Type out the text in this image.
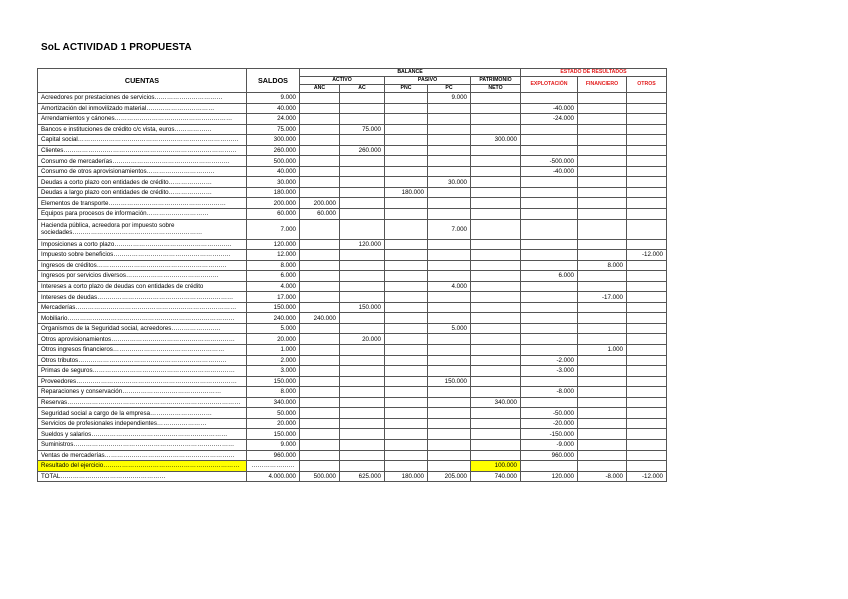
SoL ACTIVIDAD 1 PROPUESTA
CUENTAS	SALDOS	BALANCE					ESTADO DE RESULTADOS		
		ACTIVO		PASIVO		PATRIMONIO	EXPLOTACIÓN	FINANCIERO	OTROS
		ANC	AC	PNC	PC	NETO			
Acreedores por prestaciones de servicios……………………………	9.000				9.000				
Amortización del inmovilizado material……………………………	40.000						-40.000		
Arrendamientos y cánones…………………………………………………	24.000						-24.000		
Bancos e instituciones de crédito c/c vista, euros………………	75.000		75.000						
Capital social……………………………………………………………………	300.000					300.000			
Clientes…………………………………………………………………………	260.000		260.000						
Consumo de mercaderías…………………………………………………	500.000						-500.000		
Consumo de otros aprovisionamientos……………………………	40.000						-40.000		
Deudas a corto plazo con entidades de crédito…………………	30.000				30.000				
Deudas a largo plazo con entidades de crédito…………………	180.000			180.000					
Elementos de transporte…………………………………………………	200.000	200.000							
Equipos para procesos de información…………………………	60.000	60.000							
Hacienda pública, acreedora por impuesto sobre sociedades………………………………………………………	7.000				7.000				
Imposiciones a corto plazo…………………………………………………	120.000		120.000						
Impuesto sobre beneficios…………………………………………………	12.000								-12.000
Ingresos de créditos………………………………………………………	8.000							8.000	
Ingresos por servicios diversos………………………………………	6.000						6.000		
Intereses a corto plazo de deudas con entidades de crédito	4.000				4.000				
Intereses de deudas…………………………………………………………	17.000							-17.000	
Mercaderías……………………………………………………………………	150.000		150.000						
Mobiliario………………………………………………………………………	240.000	240.000							
Organismos de la Seguridad social, acreedores……………………	5.000				5.000				
Otros aprovisionamientos……………………………………………………	20.000		20.000						
Otros ingresos financieros………………………………………………	1.000							1.000	
Otros tributos………………………………………………………………	2.000						-2.000		
Primas de seguros……………………………………………………………	3.000						-3.000		
Proveedores……………………………………………………………………	150.000				150.000				
Reparaciones y conservación…………………………………………	8.000						-8.000		
Reservas…………………………………………………………………………	340.000					340.000			
Seguridad social a cargo de la empresa…………………………	50.000						-50.000		
Servicios de profesionales independientes……………………	20.000						-20.000		
Sueldos y salarios…………………………………………………………	150.000						-150.000		
Suministros……………………………………………………………………	9.000						-9.000		
Ventas de mercaderías………………………………………………………	960.000						960.000		
Resultado del ejercicio…………………………………………………………	…………………					100.000			
TOTAL……………………………………………	4.000.000	500.000	625.000	180.000	205.000	740.000	120.000	-8.000	-12.000
